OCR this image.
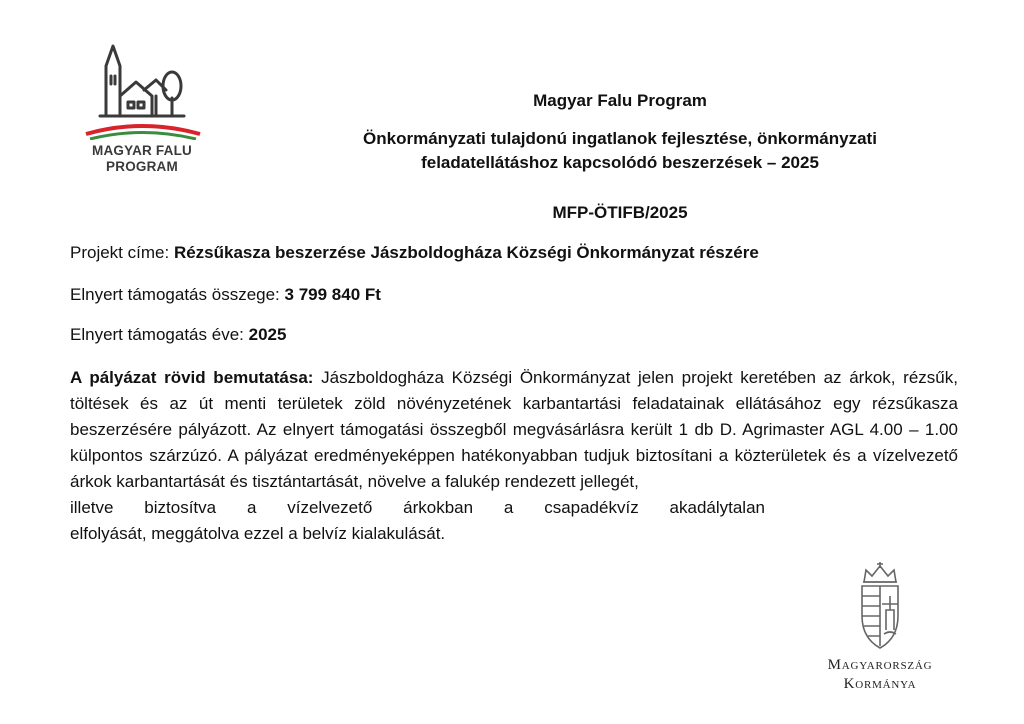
MAGYAR FALU
PROGRAM
Magyar Falu Program
Önkormányzati tulajdonú ingatlanok fejlesztése, önkormányzati
feladatellátáshoz kapcsolódó beszerzések – 2025
MFP-ÖTIFB/2025
Projekt címe: Rézsűkasza beszerzése Jászboldogháza Községi Önkormányzat részére
Elnyert támogatás összege: 3 799 840 Ft
Elnyert támogatás éve: 2025
A pályázat rövid bemutatása: Jászboldogháza Községi Önkormányzat jelen projekt keretében az árkok, rézsűk, töltések és az út menti területek zöld növényzetének karbantartási feladatainak ellátásához egy rézsűkasza beszerzésére pályázott. Az elnyert támogatási összegből megvásárlásra került 1 db D. Agrimaster AGL 4.00 – 1.00 külpontos szárzúzó. A pályázat eredményeképpen hatékonyabban tudjuk biztosítani a közterületek és a vízelvezető árkok karbantartását és tisztántartását, növelve a falukép rendezett jellegét,
illetve biztosítva a vízelvezető árkokban a csapadékvíz akadálytalan
elfolyását, meggátolva ezzel a belvíz kialakulását.
Magyarország
Kormánya
